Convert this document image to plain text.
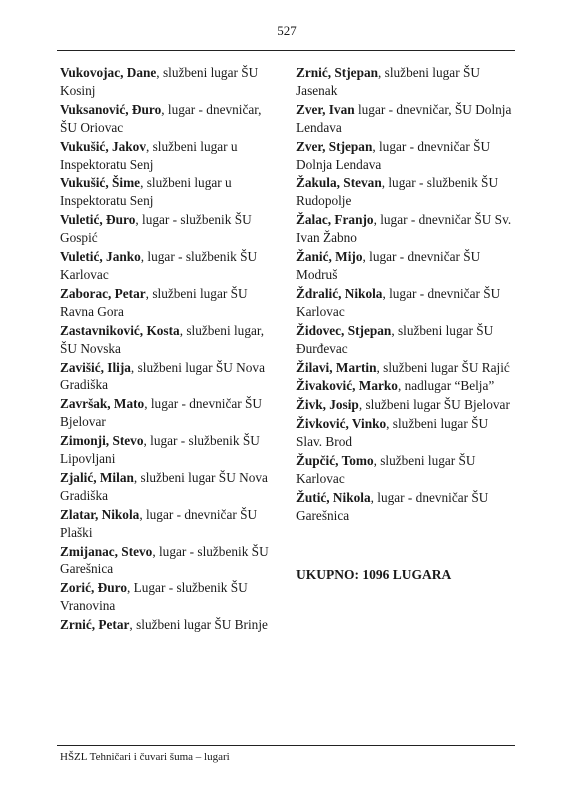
527
Vukovojac, Dane, službeni lugar ŠU Kosinj
Vuksanović, Đuro, lugar - dnevničar, ŠU Oriovac
Vukušić, Jakov, službeni lugar u Inspektoratu Senj
Vukušić, Šime, službeni lugar u Inspektoratu Senj
Vuletić, Đuro, lugar - službenik ŠU Gospić
Vuletić, Janko, lugar - službenik ŠU Karlovac
Zaborac, Petar, službeni lugar ŠU Ravna Gora
Zastavniković, Kosta, službeni lugar, ŠU Novska
Zavišić, Ilija, službeni lugar ŠU Nova Gradiška
Završak, Mato, lugar - dnevničar ŠU Bjelovar
Zimonji, Stevo, lugar - službenik ŠU Lipovljani
Zjalić, Milan, službeni lugar ŠU Nova Gradiška
Zlatar, Nikola, lugar - dnevničar ŠU Plaški
Zmijanac, Stevo, lugar - službenik ŠU Garešnica
Zorić, Đuro, Lugar - službenik ŠU Vranovina
Zrnić, Petar, službeni lugar ŠU Brinje
Zrnić, Stjepan, službeni lugar ŠU Jasenak
Zver, Ivan lugar - dnevničar, ŠU Dolnja Lendava
Zver, Stjepan, lugar - dnevničar ŠU Dolnja Lendava
Žakula, Stevan, lugar - službenik ŠU Rudopolje
Žalac, Franjo, lugar - dnevničar ŠU Sv. Ivan Žabno
Žanić, Mijo, lugar - dnevničar ŠU Modruš
Ždralić, Nikola, lugar - dnevničar ŠU Karlovac
Židovec, Stjepan, službeni lugar ŠU Đurđevac
Žilavi, Martin, službeni lugar ŠU Rajić
Živaković, Marko, nadlugar “Belja”
Živk, Josip, službeni lugar ŠU Bjelovar
Živković, Vinko, službeni lugar ŠU Slav. Brod
Župčić, Tomo, službeni lugar ŠU Karlovac
Žutić, Nikola, lugar - dnevničar ŠU Garešnica
UKUPNO: 1096 LUGARA
HŠZL Tehničari i čuvari šuma – lugari
